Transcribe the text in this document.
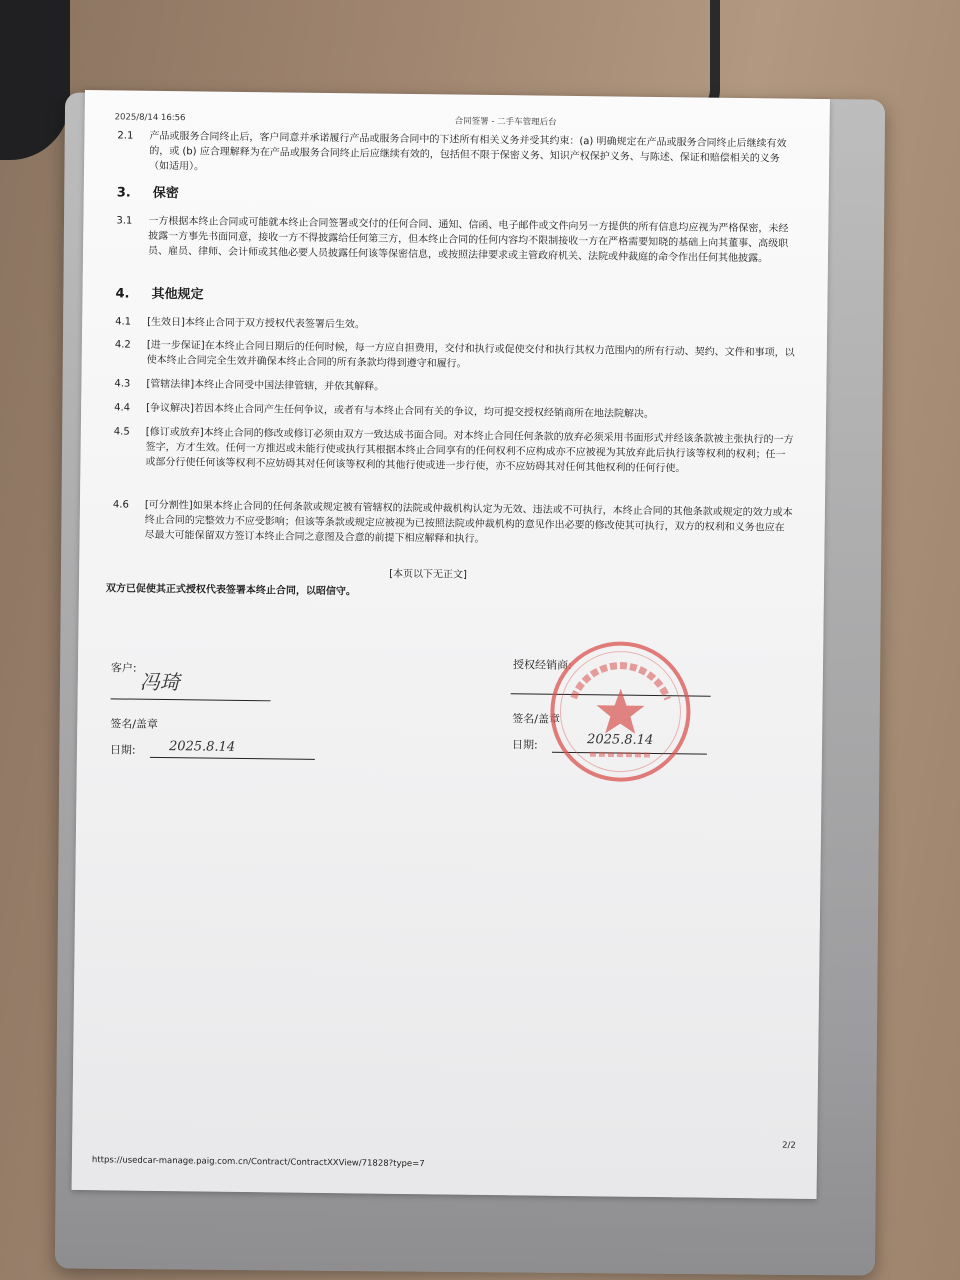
2025/8/14 16:56	合同签署 - 二手车管理后台
2.1 产品或服务合同终止后，客户同意并承诺履行产品或服务合同中的下述所有相关义务并受其约束：(a) 明确规定在产品或服务合同终止后继续有效的，或 (b) 应合理解释为在产品或服务合同终止后应继续有效的，包括但不限于保密义务、知识产权保护义务、与陈述、保证和赔偿相关的义务（如适用）。
3. 保密
3.1 一方根据本终止合同或可能就本终止合同签署或交付的任何合同、通知、信函、电子邮件或文件向另一方提供的所有信息均应视为严格保密，未经披露一方事先书面同意，接收一方不得披露给任何第三方，但本终止合同的任何内容均不限制接收一方在严格需要知晓的基础上向其董事、高级职员、雇员、律师、会计师或其他必要人员披露任何该等保密信息，或按照法律要求或主管政府机关、法院或仲裁庭的命令作出任何其他披露。
4. 其他规定
4.1 [生效日]本终止合同于双方授权代表签署后生效。
4.2 [进一步保证]在本终止合同日期后的任何时候，每一方应自担费用，交付和执行或促使交付和执行其权力范围内的所有行动、契约、文件和事项，以使本终止合同完全生效并确保本终止合同的所有条款均得到遵守和履行。
4.3 [管辖法律]本终止合同受中国法律管辖，并依其解释。
4.4 [争议解决]若因本终止合同产生任何争议，或者有与本终止合同有关的争议，均可提交授权经销商所在地法院解决。
4.5 [修订或放弃]本终止合同的修改或修订必须由双方一致达成书面合同。对本终止合同任何条款的放弃必须采用书面形式并经该条款被主张执行的一方签字，方才生效。任何一方推迟或未能行使或执行其根据本终止合同享有的任何权利不应构成亦不应被视为其放弃此后执行该等权利的权利；任一或部分行使任何该等权利不应妨碍其对任何该等权利的其他行使或进一步行使，亦不应妨碍其对任何其他权利的任何行使。
4.6 [可分割性]如果本终止合同的任何条款或规定被有管辖权的法院或仲裁机构认定为无效、违法或不可执行，本终止合同的其他条款或规定的效力或本终止合同的完整效力不应受影响；但该等条款或规定应被视为已按照法院或仲裁机构的意见作出必要的修改使其可执行，双方的权利和义务也应在尽最大可能保留双方签订本终止合同之意图及合意的前提下相应解释和执行。
[本页以下无正文]
双方已促使其正式授权代表签署本终止合同，以昭信守。
客户:
冯琦
签名/盖章
日期:	2025.8.14
授权经销商:
签名/盖章
日期:	2025.8.14
2/2
https://usedcar-manage.paig.com.cn/Contract/ContractXXView/71828?type=7
